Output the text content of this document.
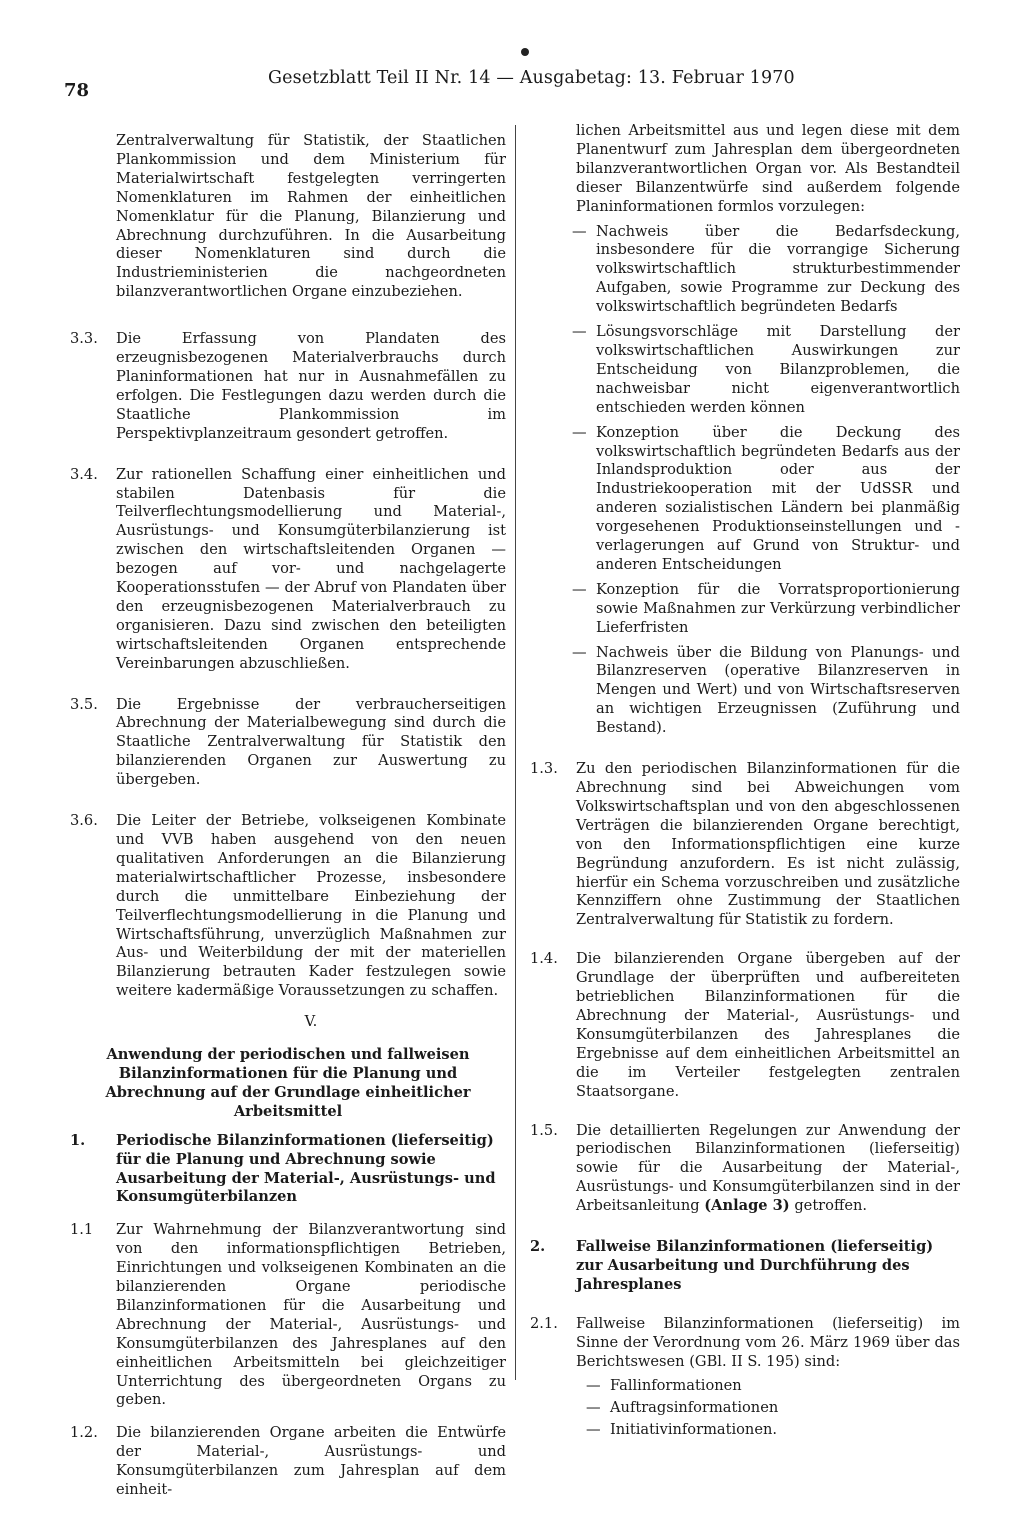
78
Gesetzblatt Teil II Nr. 14 — Ausgabetag: 13. Februar 1970
Zentralverwaltung für Statistik, der Staatlichen Plankommission und dem Ministerium für Materialwirtschaft festgelegten verringerten Nomenklaturen im Rahmen der einheitlichen Nomenklatur für die Planung, Bilanzierung und Abrechnung durchzuführen. In die Ausarbeitung dieser Nomenklaturen sind durch die Industrieministerien die nachgeordneten bilanzverantwortlichen Organe einzubeziehen.
3.3.	Die Erfassung von Plandaten des erzeugnisbezogenen Materialverbrauchs durch Planinformationen hat nur in Ausnahmefällen zu erfolgen. Die Festlegungen dazu werden durch die Staatliche Plankommission im Perspektivplanzeitraum gesondert getroffen.
3.4.	Zur rationellen Schaffung einer einheitlichen und stabilen Datenbasis für die Teilverflechtungsmodellierung und Material-, Ausrüstungs- und Konsumgüterbilanzierung ist zwischen den wirtschaftsleitenden Organen — bezogen auf vor- und nachgelagerte Kooperationsstufen — der Abruf von Plandaten über den erzeugnisbezogenen Materialverbrauch zu organisieren. Dazu sind zwischen den beteiligten wirtschaftsleitenden Organen entsprechende Vereinbarungen abzuschließen.
3.5.	Die Ergebnisse der verbraucherseitigen Abrechnung der Materialbewegung sind durch die Staatliche Zentralverwaltung für Statistik den bilanzierenden Organen zur Auswertung zu übergeben.
3.6.	Die Leiter der Betriebe, volkseigenen Kombinate und VVB haben ausgehend von den neuen qualitativen Anforderungen an die Bilanzierung materialwirtschaftlicher Prozesse, insbesondere durch die unmittelbare Einbeziehung der Teilverflechtungsmodellierung in die Planung und Wirtschaftsführung, unverzüglich Maßnahmen zur Aus- und Weiterbildung der mit der materiellen Bilanzierung betrauten Kader festzulegen sowie weitere kadermäßige Voraussetzungen zu schaffen.
V.
Anwendung der periodischen und fallweisen Bilanzinformationen für die Planung und Abrechnung auf der Grundlage einheitlicher Arbeitsmittel
1.	Periodische Bilanzinformationen (lieferseitig) für die Planung und Abrechnung sowie Ausarbeitung der Material-, Ausrüstungs- und Konsumgüterbilanzen
1.1	Zur Wahrnehmung der Bilanzverantwortung sind von den informationspflichtigen Betrieben, Einrichtungen und volkseigenen Kombinaten an die bilanzierenden Organe periodische Bilanzinformationen für die Ausarbeitung und Abrechnung der Material-, Ausrüstungs- und Konsumgüterbilanzen des Jahresplanes auf den einheitlichen Arbeitsmitteln bei gleichzeitiger Unterrichtung des übergeordneten Organs zu geben.
1.2.	Die bilanzierenden Organe arbeiten die Entwürfe der Material-, Ausrüstungs- und Konsumgüterbilanzen zum Jahresplan auf dem einheit-
lichen Arbeitsmittel aus und legen diese mit dem Planentwurf zum Jahresplan dem übergeordneten bilanzverantwortlichen Organ vor. Als Bestandteil dieser Bilanzentwürfe sind außerdem folgende Planinformationen formlos vorzulegen:
— Nachweis über die Bedarfsdeckung, insbesondere für die vorrangige Sicherung volkswirtschaftlich strukturbestimmender Aufgaben, sowie Programme zur Deckung des volkswirtschaftlich begründeten Bedarfs
— Lösungsvorschläge mit Darstellung der volkswirtschaftlichen Auswirkungen zur Entscheidung von Bilanzproblemen, die nachweisbar nicht eigenverantwortlich entschieden werden können
— Konzeption über die Deckung des volkswirtschaftlich begründeten Bedarfs aus der Inlandsproduktion oder aus der Industriekooperation mit der UdSSR und anderen sozialistischen Ländern bei planmäßig vorgesehenen Produktionseinstellungen und -verlagerungen auf Grund von Struktur- und anderen Entscheidungen
— Konzeption für die Vorratsproportionierung sowie Maßnahmen zur Verkürzung verbindlicher Lieferfristen
— Nachweis über die Bildung von Planungs- und Bilanzreserven (operative Bilanzreserven in Mengen und Wert) und von Wirtschaftsreserven an wichtigen Erzeugnissen (Zuführung und Bestand).
1.3.	Zu den periodischen Bilanzinformationen für die Abrechnung sind bei Abweichungen vom Volkswirtschaftsplan und von den abgeschlossenen Verträgen die bilanzierenden Organe berechtigt, von den Informationspflichtigen eine kurze Begründung anzufordern. Es ist nicht zulässig, hierfür ein Schema vorzuschreiben und zusätzliche Kennziffern ohne Zustimmung der Staatlichen Zentralverwaltung für Statistik zu fordern.
1.4.	Die bilanzierenden Organe übergeben auf der Grundlage der überprüften und aufbereiteten betrieblichen Bilanzinformationen für die Abrechnung der Material-, Ausrüstungs- und Konsumgüterbilanzen des Jahresplanes die Ergebnisse auf dem einheitlichen Arbeitsmittel an die im Verteiler festgelegten zentralen Staatsorgane.
1.5.	Die detaillierten Regelungen zur Anwendung der periodischen Bilanzinformationen (lieferseitig) sowie für die Ausarbeitung der Material-, Ausrüstungs- und Konsumgüterbilanzen sind in der Arbeitsanleitung (Anlage 3) getroffen.
2.	Fallweise Bilanzinformationen (lieferseitig) zur Ausarbeitung und Durchführung des Jahresplanes
2.1.	Fallweise Bilanzinformationen (lieferseitig) im Sinne der Verordnung vom 26. März 1969 über das Berichtswesen (GBl. II S. 195) sind:
— Fallinformationen
— Auftragsinformationen
— Initiativinformationen.
